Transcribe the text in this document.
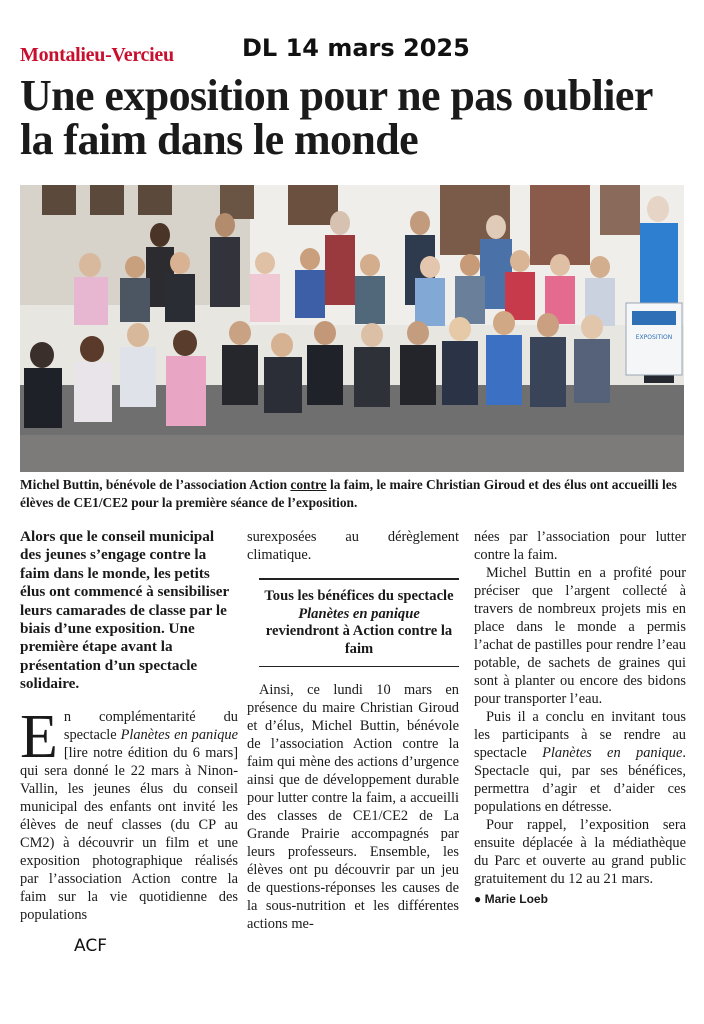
Montalieu-Vercieu	DL 14 mars 2025
Une exposition pour ne pas oublier la faim dans le monde
EXPOSITION

Michel Buttin, bénévole de l’association Action contre la faim, le maire Christian Giroud et des élus ont accueilli les élèves de CE1/CE2 pour la première séance de l’exposition.

Alors que le conseil municipal des jeunes s’engage contre la faim dans le monde, les petits élus ont commencé à sensibiliser leurs camarades de classe par le biais d’une exposition. Une première étape avant la présentation d’un spectacle solidaire.

En complémentarité du spectacle Planètes en panique [lire notre édition du 6 mars] qui sera donné le 22 mars à Ninon-Vallin, les jeunes élus du conseil municipal des enfants ont invité les élèves de neuf classes (du CP au CM2) à découvrir un film et une exposition photographique réalisés par l’association Action contre la faim sur la vie quotidienne des populations

surexposées au dérèglement climatique.

Tous les bénéfices du spectacle Planètes en panique reviendront à Action contre la faim

Ainsi, ce lundi 10 mars en présence du maire Christian Giroud et d’élus, Michel Buttin, bénévole de l’association Action contre la faim qui mène des actions d’urgence ainsi que de développement durable pour lutter contre la faim, a accueilli des classes de CE1/CE2 de La Grande Prairie accompagnés par leurs professeurs. Ensemble, les élèves ont pu découvrir par un jeu de questions-réponses les causes de la sous-nutrition et les différentes actions me-

nées par l’association pour lutter contre la faim.

Michel Buttin en a profité pour préciser que l’argent collecté à travers de nombreux projets mis en place dans le monde a permis l’achat de pastilles pour rendre l’eau potable, de sachets de graines qui sont à planter ou encore des bidons pour transporter l’eau.

Puis il a conclu en invitant tous les participants à se rendre au spectacle Planètes en panique. Spectacle qui, par ses bénéfices, permettra d’agir et d’aider ces populations en détresse.

Pour rappel, l’exposition sera ensuite déplacée à la médiathèque du Parc et ouverte au grand public gratuitement du 12 au 21 mars.

● Marie Loeb
ACF
